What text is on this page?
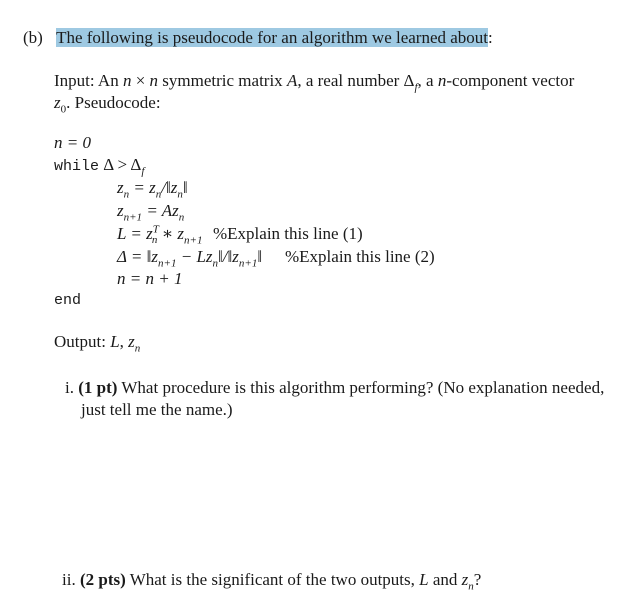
(b) The following is pseudocode for an algorithm we learned about:
Input: An n × n symmetric matrix A, a real number $\Delta_f$, a n-component vector
$z_0$. Pseudocode:
n = 0
while $\Delta > \Delta_f$
$z_n$ = $z_n/‖z_n‖$
$z_{n+1} = Az_n$
$L = z^T_n$ ∗ $z_{n+1}$ %Explain this line (1)
$\Delta = ‖z_{n+1}$ − $Lz_n‖/‖z_{n+1}‖$ %Explain this line (2)
n = n + 1
end
Output: L, $z_n$
i. (1 pt) What procedure is this algorithm performing? (No explanation needed,
just tell me the name.)
ii. (2 pts) What is the significant of the two outputs, L and $z_n$?
